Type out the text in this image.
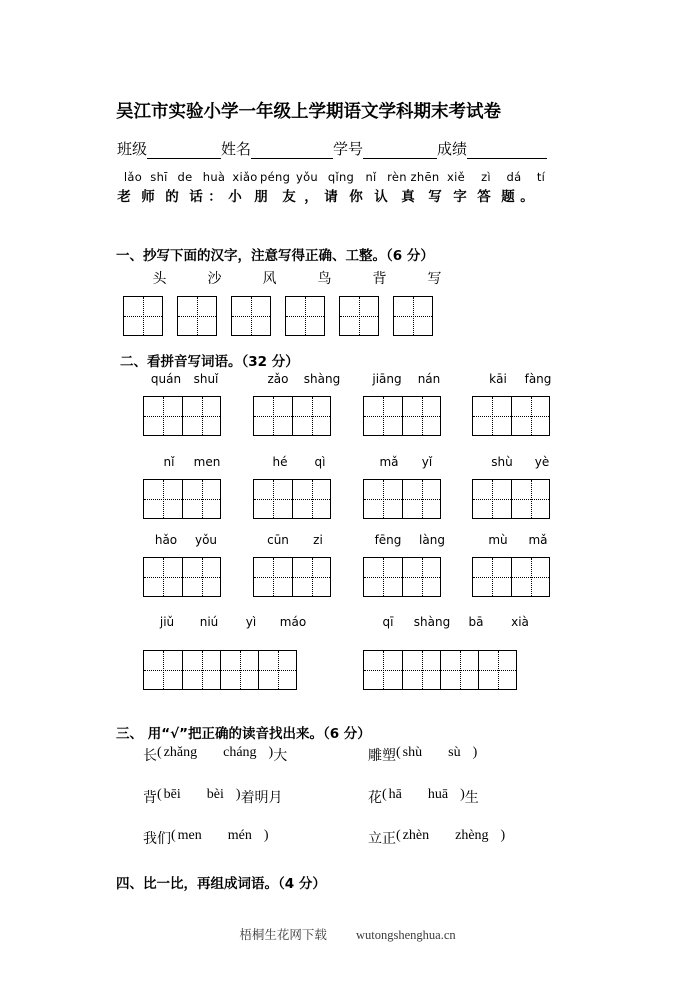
吴江市实验小学一年级上学期语文学科期末考试卷
班级	姓名	学号	成绩
lǎo shī de huà xiǎo péng yǒu qǐng nǐ rèn zhēn xiě	zì	dá	tí
老 师 的 话 ： 小 朋	友 ， 请 你 认	真	写 字 答 题 。
一、抄写下面的汉字，注意写得正确、工整。（6 分）
头	沙	风	鸟	背	写
二、看拼音写词语。（32 分）
quán	shuǐ	zǎo	shàng	jiāng	nán	kāi	fàng
nǐ	men	hé	qì	mǎ	yǐ	shù	yè
hǎo	yǒu	cūn	zi	fēng	làng	mù	mǎ
jiǔ	niú	yì	máo	qī	shàng	bā	xià
三、 用“√”把正确的读音找出来。（6 分）
长 ( zhǎng cháng ) 大	雕塑 ( shù sù )
背 ( bēi bèi ) 着明月	花 ( hā huā ) 生
我们 ( men mén )	立正 ( zhèn zhèng )
四、比一比，再组成词语。（4 分）
梧桐生花网下载 wutongshenghua.cn
